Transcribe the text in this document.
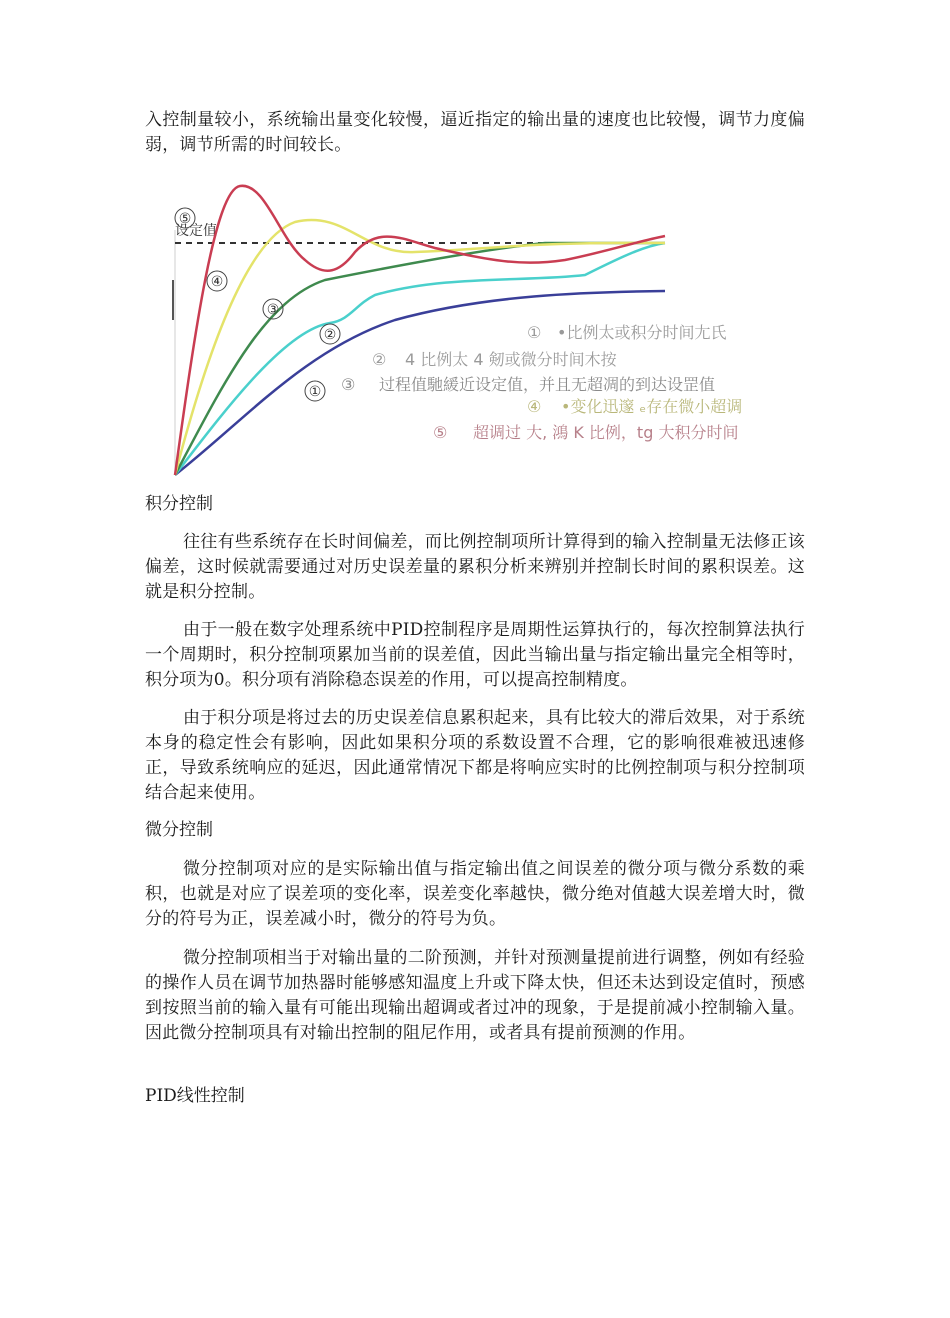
入控制量较小，系统输出量变化较慢，逼近指定的输出量的速度也比较慢，调节力度偏弱，调节所需的时间较长。

设定值
⑤
④
③
②
①
① •比例太或积分时间尢氏
② 4 比例太 4 剱或微分时间木按
③ 过程值馳緩近设定值，并且无超凋的到达设罡值
④ •变化迅邃 ₑ存在微小超调
⑤ 超调过 大, 鴻 K 比例，tg 大积分时间

积分控制

往往有些系统存在长时间偏差，而比例控制项所计算得到的输入控制量无法修正该偏差，这时候就需要通过对历史误差量的累积分析来辨别并控制长时间的累积误差。这就是积分控制。

由于一般在数字处理系统中PID控制程序是周期性运算执行的，每次控制算法执行一个周期时，积分控制项累加当前的误差值，因此当输出量与指定输出量完全相等时，积分项为0。积分项有消除稳态误差的作用，可以提高控制精度。

由于积分项是将过去的历史误差信息累积起来，具有比较大的滞后效果，对于系统本身的稳定性会有影响，因此如果积分项的系数设置不合理，它的影响很难被迅速修正，导致系统响应的延迟，因此通常情况下都是将响应实时的比例控制项与积分控制项结合起来使用。

微分控制

微分控制项对应的是实际输出值与指定输出值之间误差的微分项与微分系数的乘积，也就是对应了误差项的变化率，误差变化率越快，微分绝对值越大误差增大时，微分的符号为正，误差减小时，微分的符号为负。

微分控制项相当于对输出量的二阶预测，并针对预测量提前进行调整，例如有经验的操作人员在调节加热器时能够感知温度上升或下降太快，但还未达到设定值时，预感到按照当前的输入量有可能出现输出超调或者过冲的现象，于是提前减小控制输入量。因此微分控制项具有对输出控制的阻尼作用，或者具有提前预测的作用。

PID线性控制
